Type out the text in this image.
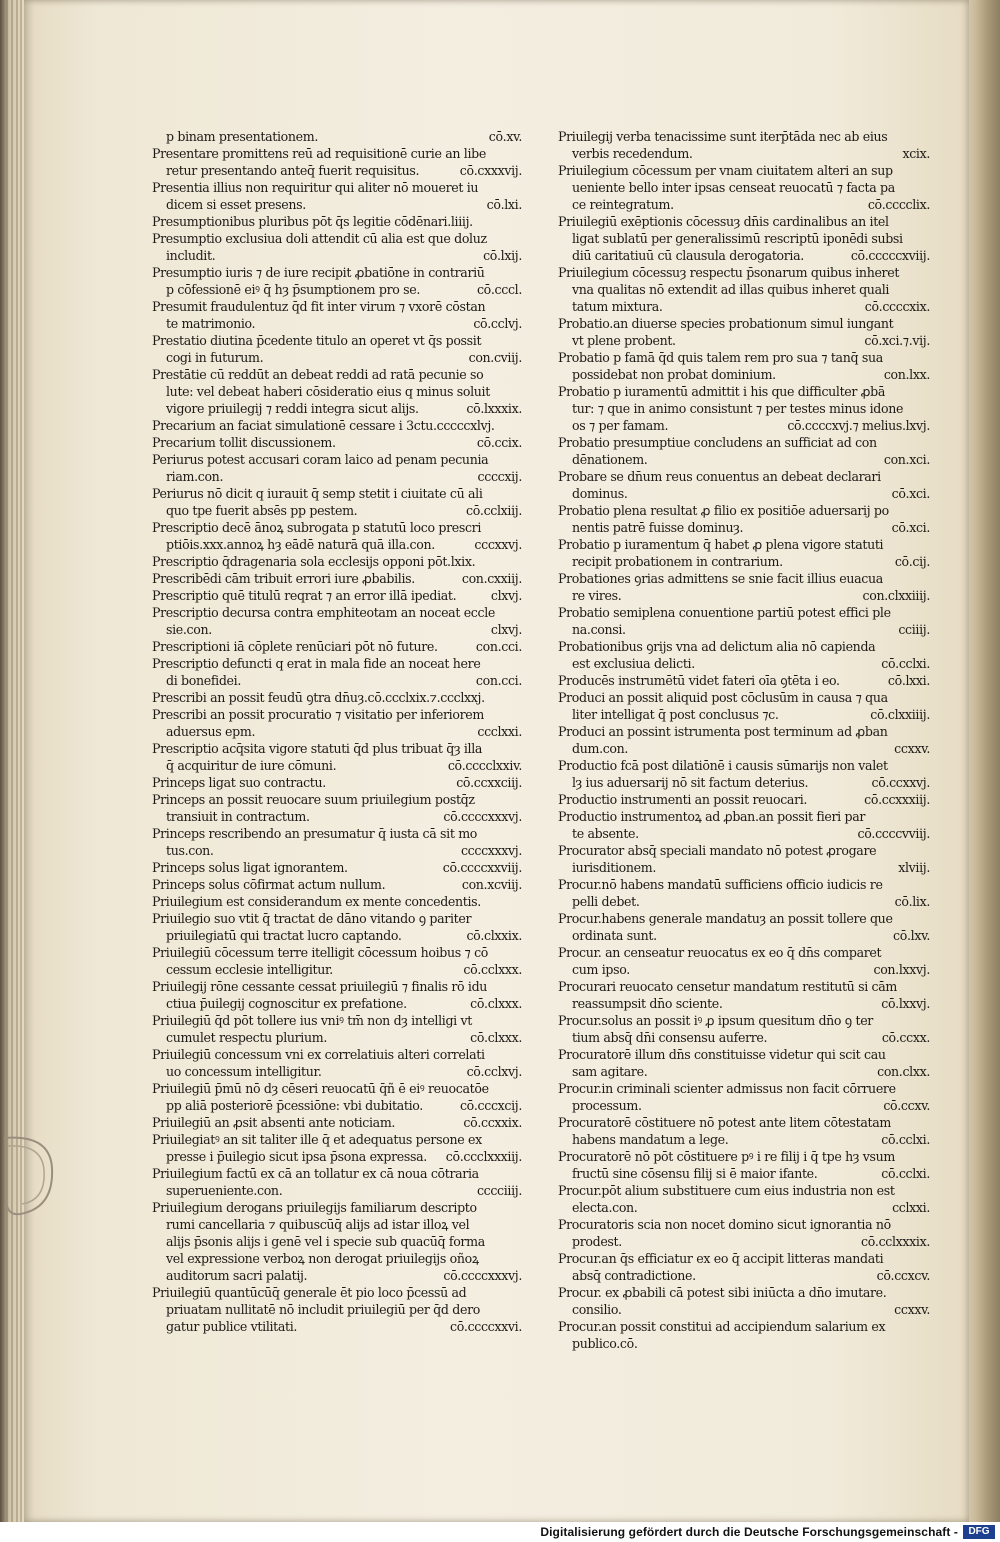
p binam presentationem.	cō.xv.
Presentare promittens reū ad requisitionē curie an libe
retur presentando anteq̄ fuerit requisitus.	cō.cxxxvij.
Presentia illius non requiritur qui aliter nō moueret iu
dicem si esset presens.	cō.lxi.
Presumptionibus pluribus pōt q̄s legitie cōdēnari.liiij.
Presumptio exclusiua doli attendit cū alia est que doluz
includit.	cō.lxij.
Presumptio iuris ⁊ de iure recipit ꝓbatiōne in contrariū
p cōfessionē eiꝰ q̄ hȝ p̄sumptionem pro se.	cō.cccl.
Presumit fraudulentuz q̄d fit inter virum ⁊ vxorē cōstan
te matrimonio.	cō.cclvj.
Prestatio diutina p̄cedente titulo an operet vt q̄s possit
cogi in futurum.	con.cviij.
Prestātie cū reddūt an debeat reddi ad ratā pecunie so
lute: vel debeat haberi cōsideratio eius q minus soluit
vigore priuilegij ⁊ reddi integra sicut alijs.	cō.lxxxix.
Precarium an faciat simulationē cessare i 3ctu.cccccxlvj.
Precarium tollit discussionem.	cō.ccix.
Periurus potest accusari coram laico ad penam pecunia
riam.con.	ccccxij.
Periurus nō dicit q iurauit q̄ semp stetit i ciuitate cū ali
quo tpe fuerit absēs pp pestem.	cō.cclxiij.
Prescriptio decē ānoꝝ subrogata p statutū loco prescri
ptiōis.xxx.annoꝝ hȝ eādē naturā quā illa.con.	cccxxvj.
Prescriptio q̄dragenaria sola ecclesijs opponi pōt.lxix.
Prescribēdi cām tribuit errori iure ꝓbabilis.	con.cxxiij.
Prescriptio quē titulū reqrat ⁊ an error illā ipediat.	clxvj.
Prescriptio decursa contra emphiteotam an noceat eccle
sie.con.	clxvj.
Prescriptioni iā cōplete renūciari pōt nō future.	con.cci.
Prescriptio defuncti q erat in mala fide an noceat here
di bonefidei.	con.cci.
Prescribi an possit feudū ꝯtra dn̄uȝ.cō.ccclxix.⁊.ccclxxj.
Prescribi an possit procuratio ⁊ visitatio per inferiorem
aduersus epm.	ccclxxi.
Prescriptio acq̄sita vigore statuti q̄d plus tribuat q̄ȝ illa
q̄ acquiritur de iure cōmuni.	cō.cccclxxiv.
Princeps ligat suo contractu.	cō.ccxxciij.
Princeps an possit reuocare suum priuilegium postq̄z
transiuit in contractum.	cō.ccccxxxvj.
Princeps rescribendo an presumatur q̄ iusta cā sit mo
tus.con.	ccccxxxvj.
Princeps solus ligat ignorantem.	cō.ccccxxviij.
Princeps solus cōfirmat actum nullum.	con.xcviij.
Priuilegium est considerandum ex mente concedentis.
Priuilegio suo vtit q̄ tractat de dāno vitando ꝯ pariter
priuilegiatū qui tractat lucro captando.	cō.clxxix.
Priuilegiū cōcessum terre itelligit cōcessum hoibus ⁊ cō
cessum ecclesie intelligitur.	cō.cclxxx.
Priuilegij rōne cessante cessat priuilegiū ⁊ finalis rō idu
ctiua p̄uilegij cognoscitur ex prefatione.	cō.clxxx.
Priuilegiū q̄d pōt tollere ius vniꝰ tm̄ non dȝ intelligi vt
cumulet respectu plurium.	cō.clxxx.
Priuilegiū concessum vni ex correlatiuis alteri correlati
uo concessum intelligitur.	cō.cclxvj.
Priuilegiū p̄mū nō dȝ cēseri reuocatū q̄ñ ē eiꝰ reuocatōe
pp aliā posteriorē p̄cessiōne: vbi dubitatio.	cō.cccxcij.
Priuilegiū an ꝓsit absenti ante noticiam.	cō.ccxxix.
Priuilegiatꝰ an sit taliter ille q̄ et adequatus persone ex
presse i p̄uilegio sicut ipsa p̄sona expressa. cō.ccclxxxiij.
Priuilegium factū ex cā an tollatur ex cā noua cōtraria
superueniente.con.	cccciiij.
Priuilegium derogans priuilegijs familiarum descripto
rumi cancellaria ⁊ quibuscūq̄ alijs ad istar illoꝝ vel
alijs p̄sonis alijs i genē vel i specie sub quacūq̄ forma
vel expressione verboꝝ non derogat priuilegijs oñoꝝ
auditorum sacri palatij.	cō.ccccxxxvj.
Priuilegiū quantūcūq̄ generale ēt pio loco p̄cessū ad
priuatam nullitatē nō includit priuilegiū per q̄d dero
gatur publice vtilitati.	cō.ccccxxvi.
Priuilegij verba tenacissime sunt iterp̄tāda nec ab eius
verbis recedendum.	xcix.
Priuilegium cōcessum per vnam ciuitatem alteri an sup
ueniente bello inter ipsas censeat reuocatū ⁊ facta pa
ce reintegratum.	cō.cccclix.
Priuilegiū exēptionis cōcessuȝ dn̄is cardinalibus an itel
ligat sublatū per generalissimū rescriptū iponēdi subsi
diū caritatiuū cū clausula derogatoria.	cō.cccccxviij.
Priuilegium cōcessuȝ respectu p̄sonarum quibus inheret
vna qualitas nō extendit ad illas quibus inheret quali
tatum mixtura.	cō.ccccxix.
Probatio.an diuerse species probationum simul iungant
vt plene probent.	cō.xci.⁊.vij.
Probatio p famā q̄d quis talem rem pro sua ⁊ tanq̄ sua
possidebat non probat dominium.	con.lxx.
Probatio p iuramentū admittit i his que difficulter ꝓbā
tur: ⁊ que in animo consistunt ⁊ per testes minus idone
os ⁊ per famam.	cō.ccccxvj.⁊ melius.lxvj.
Probatio presumptiue concludens an sufficiat ad con
dēnationem.	con.xci.
Probare se dn̄um reus conuentus an debeat declarari
dominus.	cō.xci.
Probatio plena resultat ꝓ filio ex positiōe aduersarij po
nentis patrē fuisse dominuȝ.	cō.xci.
Probatio p iuramentum q̄ habet ꝓ plena vigore statuti
recipit probationem in contrarium.	cō.cij.
Probationes ꝯrias admittens se snie facit illius euacua
re vires.	con.clxxiiij.
Probatio semiplena conuentione partiū potest effici ple
na.consi.	cciiij.
Probationibus ꝯrijs vna ad delictum alia nō capienda
est exclusiua delicti.	cō.cclxi.
Producēs instrumētū videt fateri oīa ꝯtēta i eo.	cō.lxxi.
Produci an possit aliquid post cōclusūm in causa ⁊ qua
liter intelligat q̄ post conclusus ⁊c.	cō.clxxiiij.
Produci an possint istrumenta post terminum ad ꝓban
dum.con.	ccxxv.
Productio fcā post dilatiōnē i causis sūmarijs non valet
lȝ ius aduersarij nō sit factum deterius.	cō.ccxxvj.
Productio instrumenti an possit reuocari.	cō.ccxxxiij.
Productio instrumentoꝝ ad ꝓban.an possit fieri par
te absente.	cō.ccccvviij.
Procurator absq̄ speciali mandato nō potest ꝓrogare
iurisditionem.	xlviij.
Procur.nō habens mandatū sufficiens officio iudicis re
pelli debet.	cō.lix.
Procur.habens generale mandatuȝ an possit tollere que
ordinata sunt.	cō.lxv.
Procur. an censeatur reuocatus ex eo q̄ dn̄s comparet
cum ipso.	con.lxxvj.
Procurari reuocato censetur mandatum restitutū si cām
reassumpsit dn̄o sciente.	cō.lxxvj.
Procur.solus an possit iꝰ ꝓ ipsum quesitum dn̄o ꝯ ter
tium absq̄ dn̄i consensu auferre.	cō.ccxx.
Procuratorē illum dn̄s constituisse videtur qui scit cau
sam agitare.	con.clxx.
Procur.in criminali scienter admissus non facit cōrruere
processum.	cō.ccxv.
Procuratorē cōstituere nō potest ante litem cōtestatam
habens mandatum a lege.	cō.cclxi.
Procuratorē nō pōt cōstituere pꝰ i re filij i q̄ tpe hȝ vsum
fructū sine cōsensu filij si ē maior ifante.	cō.cclxi.
Procur.pōt alium substituere cum eius industria non est
electa.con.	cclxxi.
Procuratoris scia non nocet domino sicut ignorantia nō
prodest.	cō.cclxxxix.
Procur.an q̄s efficiatur ex eo q̄ accipit litteras mandati
absq̄ contradictione.	cō.ccxcv.
Procur. ex ꝓbabili cā potest sibi iniūcta a dn̄o imutare.
consilio.	ccxxv.
Procur.an possit constitui ad accipiendum salarium ex
publico.cō.
Digitalisierung gefördert durch die Deutsche Forschungsgemeinschaft -	DFG
